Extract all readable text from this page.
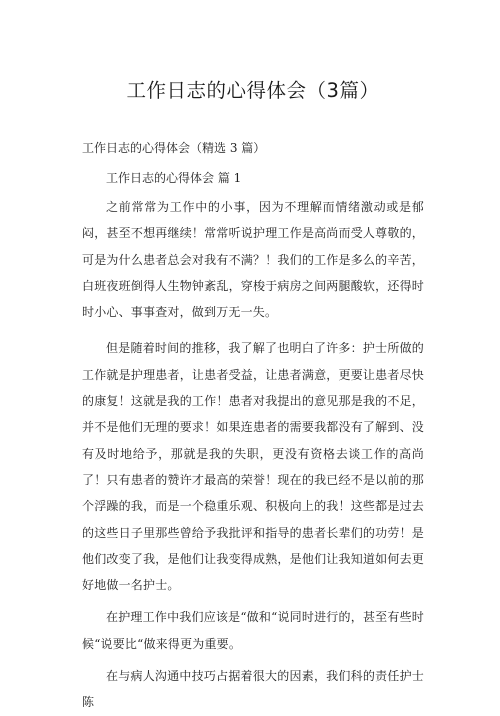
工作日志的心得体会（3篇）

工作日志的心得体会（精选 3 篇）

工作日志的心得体会 篇 1

之前常常为工作中的小事，因为不理解而情绪激动或是郁闷，甚至不想再继续！常常听说护理工作是高尚而受人尊敬的，可是为什么患者总会对我有不满？！我们的工作是多么的辛苦，白班夜班倒得人生物钟紊乱，穿梭于病房之间两腿酸软，还得时时小心、事事查对，做到万无一失。

但是随着时间的推移，我了解了也明白了许多：护士所做的工作就是护理患者，让患者受益，让患者满意，更要让患者尽快的康复！这就是我的工作！患者对我提出的意见那是我的不足，并不是他们无理的要求！如果连患者的需要我都没有了解到、没有及时地给予，那就是我的失职，更没有资格去谈工作的高尚了！只有患者的赞许才最高的荣誉！现在的我已经不是以前的那个浮躁的我，而是一个稳重乐观、积极向上的我！这些都是过去的这些日子里那些曾给予我批评和指导的患者长辈们的功劳！是他们改变了我，是他们让我变得成熟，是他们让我知道如何去更好地做一名护士。

在护理工作中我们应该是“做和“说同时进行的，甚至有些时候“说要比“做来得更为重要。

在与病人沟通中技巧占据着很大的因素，我们科的责任护士陈
